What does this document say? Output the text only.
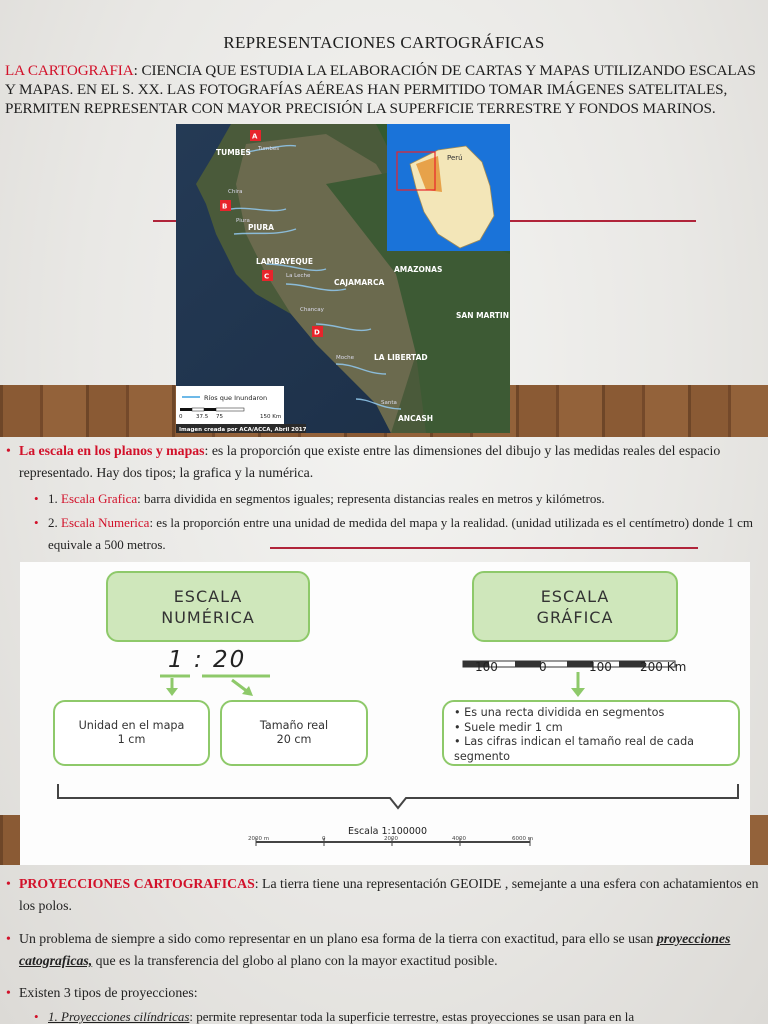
REPRESENTACIONES CARTOGRÁFICAS
LA CARTOGRAFIA: CIENCIA QUE ESTUDIA LA ELABORACIÓN DE CARTAS Y MAPAS UTILIZANDO ESCALAS Y MAPAS. EN EL S. XX. LAS FOTOGRAFÍAS AÉREAS HAN PERMITIDO TOMAR IMÁGENES SATELITALES, PERMITEN REPRESENTAR CON MAYOR PRECISIÓN LA SUPERFICIE TERRESTRE Y FONDOS MARINOS.
TUMBES
PIURA
LAMBAYEQUE
CAJAMARCA
AMAZONAS
SAN MARTIN
LA LIBERTAD
ANCASH
Tumbes
Chira
Piura
La Leche
Chancay
Moche
Santa
A
B
C
D
Perú
Ríos que Inundaron
0 37.5 75	150 Km
Imagen creada por ACA/ACCA, Abril 2017
• La escala en los planos y mapas: es la proporción que existe entre las dimensiones del dibujo y las medidas reales del espacio representado. Hay dos tipos; la grafica y la numérica.
• 1. Escala Grafica: barra dividida en segmentos iguales; representa distancias reales en metros y kilómetros.
• 2. Escala Numerica: es la proporción entre una unidad de medida del mapa y la realidad. (unidad utilizada es el centímetro) donde 1 cm equivale a 500 metros.
ESCALA
NUMÉRICA
ESCALA
GRÁFICA
1 : 20	100	0	100 200 Km
Unidad en el mapa
1 cm
Tamaño real
20 cm
• Es una recta dividida en segmentos
• Suele medir 1 cm
• Las cifras indican el tamaño real de cada segmento
Escala 1:100000
2000 m	0	2000	4000	6000 m
• PROYECCIONES CARTOGRAFICAS: La tierra tiene una representación GEOIDE , semejante a una esfera con achatamientos en los polos.
• Un problema de siempre a sido como representar en un plano esa forma de la tierra con exactitud, para ello se usan proyecciones catograficas, que es la transferencia del globo al plano con la mayor exactitud posible.
• Existen 3 tipos de proyecciones:
• 1. Proyecciones cilíndricas: permite representar toda la superficie terrestre, estas proyecciones se usan para en la
